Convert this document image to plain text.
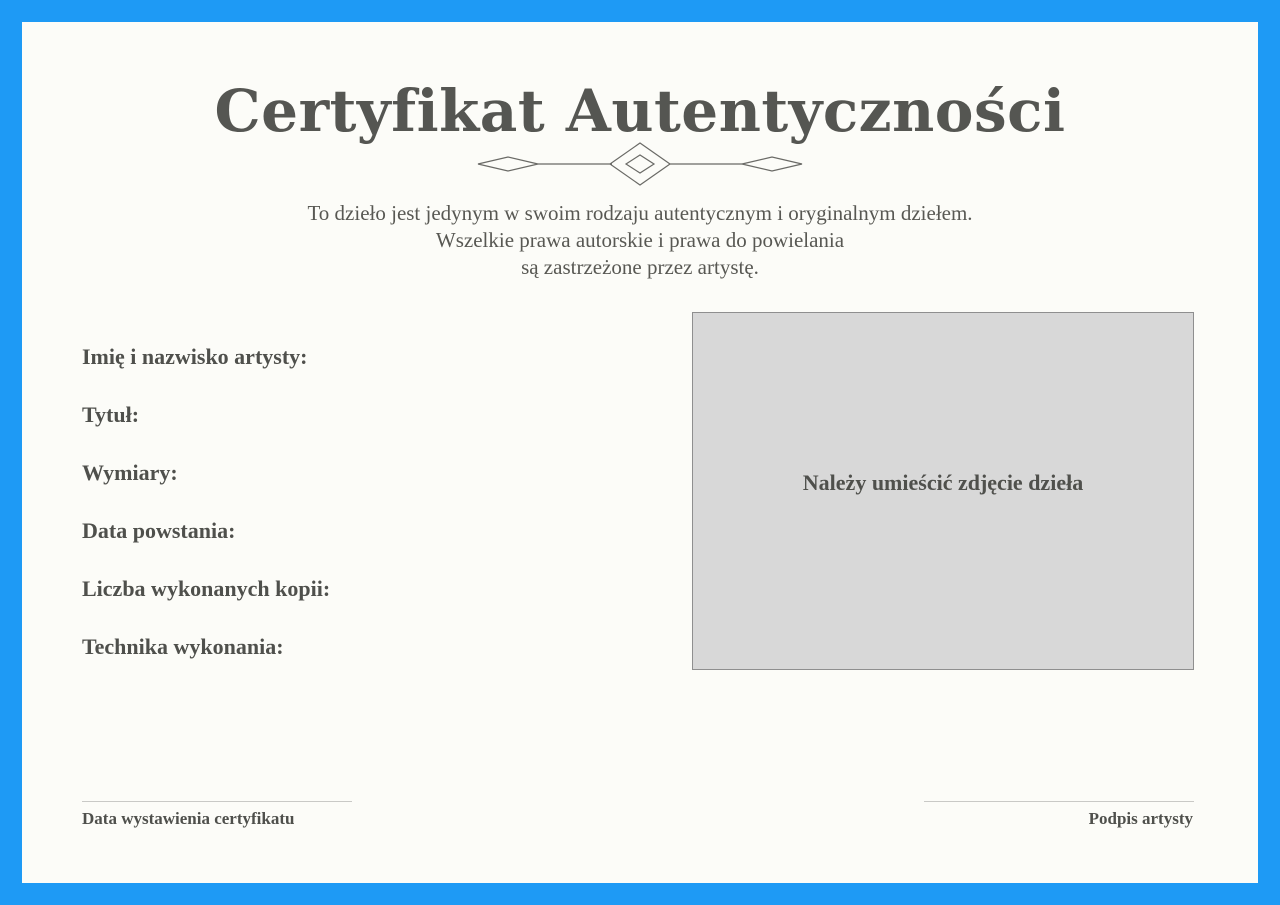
Certyfikat Autentyczności
To dzieło jest jedynym w swoim rodzaju autentycznym i oryginalnym dziełem.
Wszelkie prawa autorskie i prawa do powielania
są zastrzeżone przez artystę.
Imię i nazwisko artysty:
Tytuł:
Wymiary:
Data powstania:
Liczba wykonanych kopii:
Technika wykonania:
Należy umieścić zdjęcie dzieła
Data wystawienia certyfikatu	Podpis artysty
